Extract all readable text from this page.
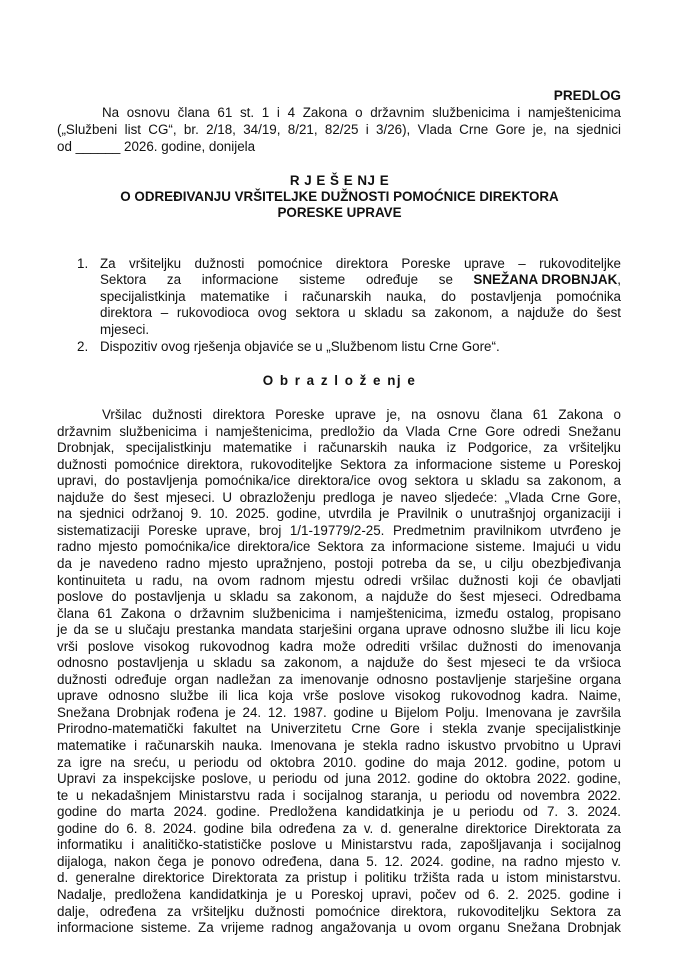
PREDLOG
Na osnovu člana 61 st. 1 i 4 Zakona o državnim službenicima i namještenicima
(„Službeni list CG“, br. 2/18, 34/19, 8/21, 82/25 i 3/26), Vlada Crne Gore je, na sjednici
od ______ 2026. godine, donijela
R J E Š E NJ E
O ODREĐIVANJU VRŠITELJKE DUŽNOSTI POMOĆNICE DIREKTORA
PORESKE UPRAVE
1. Za vršiteljku dužnosti pomoćnice direktora Poreske uprave – rukovoditeljke
Sektora za informacione sisteme određuje se SNEŽANA DROBNJAK,
specijalistkinja matematike i računarskih nauka, do postavljenja pomoćnika
direktora – rukovodioca ovog sektora u skladu sa zakonom, a najduže do šest
mjeseci.
2. Dispozitiv ovog rješenja objaviće se u „Službenom listu Crne Gore“.
O b r a z l o ž e nj e
Vršilac dužnosti direktora Poreske uprave je, na osnovu člana 61 Zakona o
državnim službenicima i namještenicima, predložio da Vlada Crne Gore odredi Snežanu
Drobnjak, specijalistkinju matematike i računarskih nauka iz Podgorice, za vršiteljku
dužnosti pomoćnice direktora, rukovoditeljke Sektora za informacione sisteme u Poreskoj
upravi, do postavljenja pomoćnika/ice direktora/ice ovog sektora u skladu sa zakonom, a
najduže do šest mjeseci. U obrazloženju predloga je naveo sljedeće: „Vlada Crne Gore,
na sjednici održanoj 9. 10. 2025. godine, utvrdila je Pravilnik o unutrašnjoj organizaciji i
sistematizaciji Poreske uprave, broj 1/1-19779/2-25. Predmetnim pravilnikom utvrđeno je
radno mjesto pomoćnika/ice direktora/ice Sektora za informacione sisteme. Imajući u vidu
da je navedeno radno mjesto upražnjeno, postoji potreba da se, u cilju obezbjeđivanja
kontinuiteta u radu, na ovom radnom mjestu odredi vršilac dužnosti koji će obavljati
poslove do postavljenja u skladu sa zakonom, a najduže do šest mjeseci. Odredbama
člana 61 Zakona o državnim službenicima i namještenicima, između ostalog, propisano
je da se u slučaju prestanka mandata starješini organa uprave odnosno službe ili licu koje
vrši poslove visokog rukovodnog kadra može odrediti vršilac dužnosti do imenovanja
odnosno postavljenja u skladu sa zakonom, a najduže do šest mjeseci te da vršioca
dužnosti određuje organ nadležan za imenovanje odnosno postavljenje starješine organa
uprave odnosno službe ili lica koja vrše poslove visokog rukovodnog kadra. Naime,
Snežana Drobnjak rođena je 24. 12. 1987. godine u Bijelom Polju. Imenovana je završila
Prirodno-matematički fakultet na Univerzitetu Crne Gore i stekla zvanje specijalistkinje
matematike i računarskih nauka. Imenovana je stekla radno iskustvo prvobitno u Upravi
za igre na sreću, u periodu od oktobra 2010. godine do maja 2012. godine, potom u
Upravi za inspekcijske poslove, u periodu od juna 2012. godine do oktobra 2022. godine,
te u nekadašnjem Ministarstvu rada i socijalnog staranja, u periodu od novembra 2022.
godine do marta 2024. godine. Predložena kandidatkinja je u periodu od 7. 3. 2024.
godine do 6. 8. 2024. godine bila određena za v. d. generalne direktorice Direktorata za
informatiku i analitičko-statističke poslove u Ministarstvu rada, zapošljavanja i socijalnog
dijaloga, nakon čega je ponovo određena, dana 5. 12. 2024. godine, na radno mjesto v.
d. generalne direktorice Direktorata za pristup i politiku tržišta rada u istom ministarstvu.
Nadalje, predložena kandidatkinja je u Poreskoj upravi, počev od 6. 2. 2025. godine i
dalje, određena za vršiteljku dužnosti pomoćnice direktora, rukovoditeljku Sektora za
informacione sisteme. Za vrijeme radnog angažovanja u ovom organu Snežana Drobnjak
